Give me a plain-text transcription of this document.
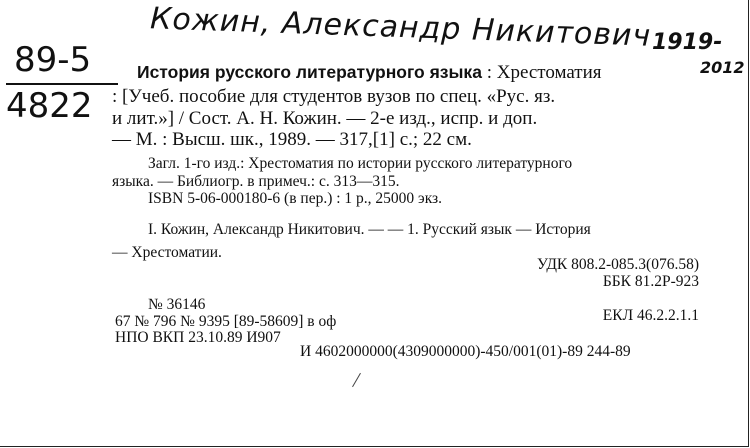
Кожин, Александр Никитович 1919-
2012
89-5
4822
История русского литературного языка : Хрестоматия
: [Учеб. пособие для студентов вузов по спец. «Рус. яз.
и лит.»] / Сост. А. Н. Кожин. — 2-е изд., испр. и доп.
— М. : Высш. шк., 1989. — 317,[1] с.; 22 см.
Загл. 1-го изд.: Хрестоматия по истории русского литературного
языка. — Библиогр. в примеч.: с. 313—315.
ISBN 5-06-000180-6 (в пер.) : 1 р., 25000 экз.
I. Кожин, Александр Никитович. — — 1. Русский язык — История
— Хрестоматии.
УДК 808.2-085.3(076.58)
ББК 81.2Р-923
№ 36146
67 № 796 № 9395 [89-58609] в оф	ЕКЛ 46.2.2.1.1
НПО ВКП 23.10.89 И907
И 4602000000(4309000000)-450/001(01)-89 244-89
